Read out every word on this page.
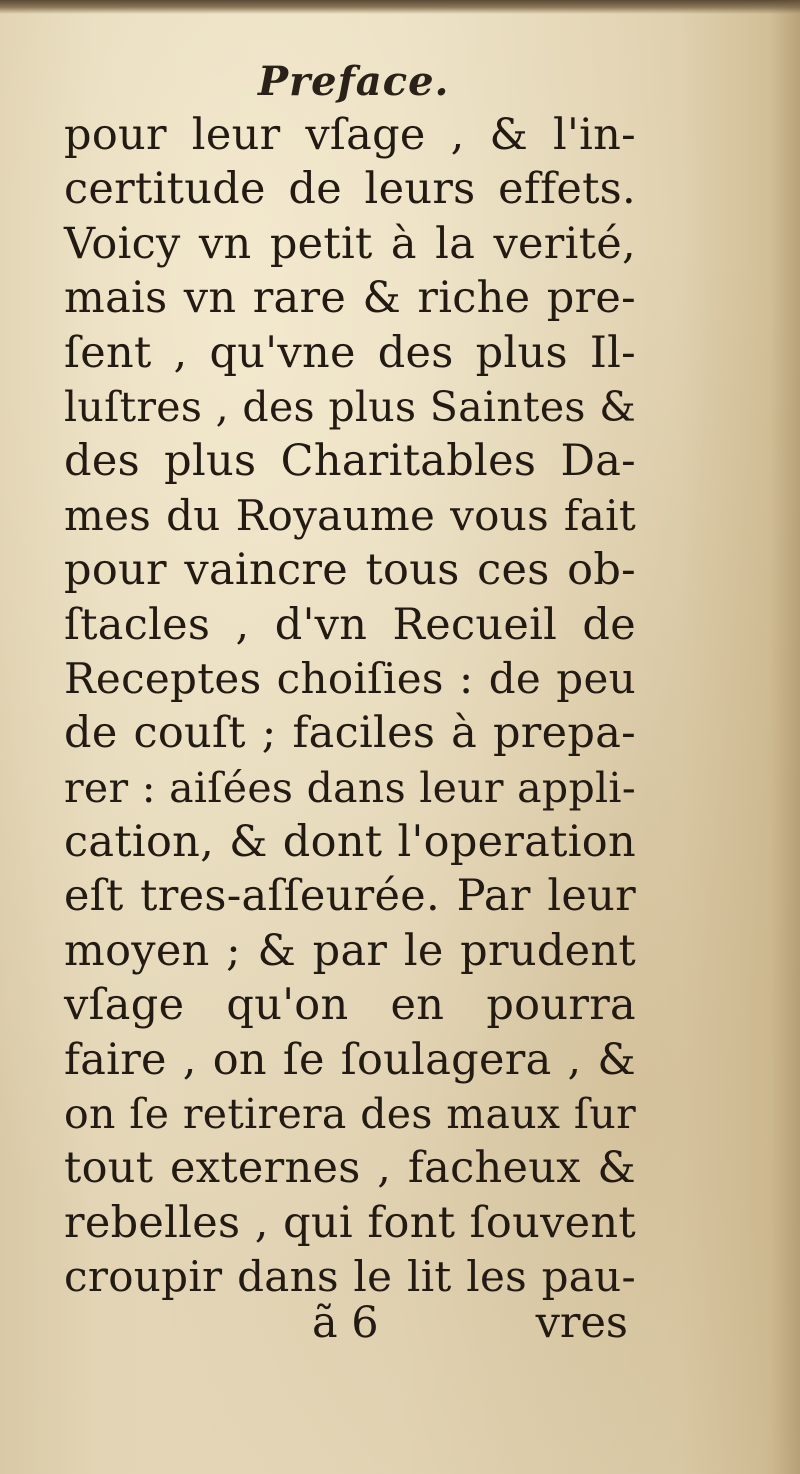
Preface.
pour leur vſage , & l'in-
certitude de leurs effets.
Voicy vn petit à la verité,
mais vn rare & riche pre-
ſent , qu'vne des plus Il-
luſtres , des plus Saintes &
des plus Charitables Da-
mes du Royaume vous fait
pour vaincre tous ces ob-
ſtacles , d'vn Recueil de
Receptes choiſies : de peu
de couſt ; faciles à prepa-
rer : aiſées dans leur appli-
cation, & dont l'operation
eſt tres-aſſeurée. Par leur
moyen ; & par le prudent
vſage qu'on en pourra
faire , on ſe ſoulagera , &
on ſe retirera des maux ſur
tout externes , facheux &
rebelles , qui font ſouvent
croupir dans le lit les pau-
ã 6	vres
